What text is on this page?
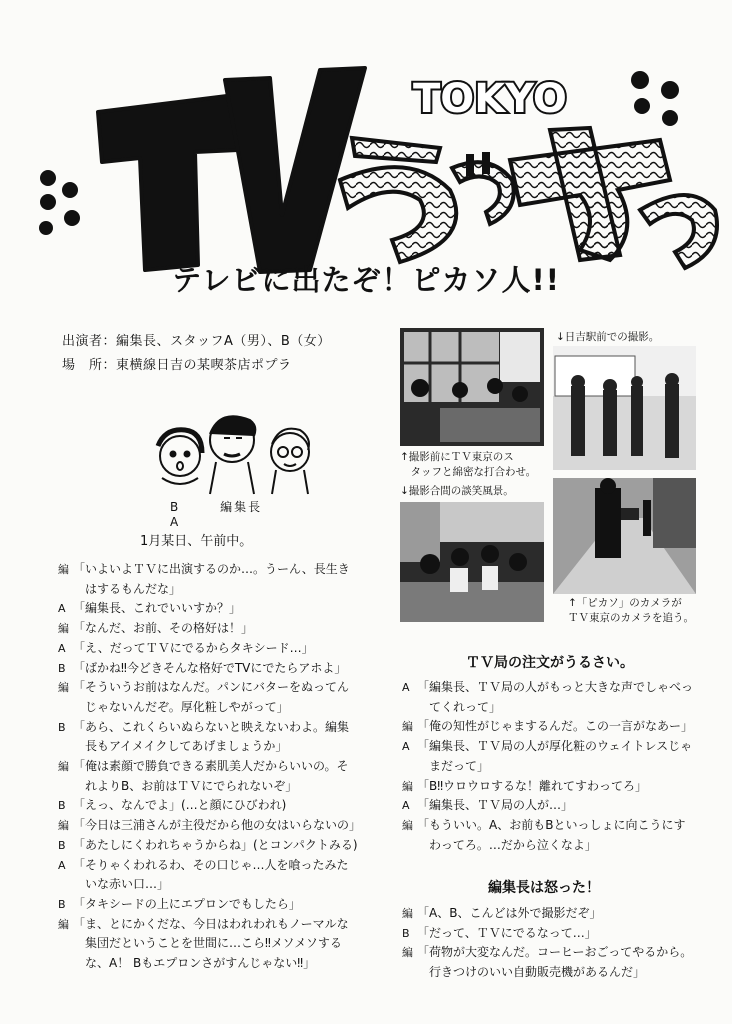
TOKYO
テレビに出たぞ！ピカソ人!!
出演者：編集長、スタッフA（男）、B（女）
場　所：東横線日吉の某喫茶店ポプラ
B	編集長 A
1月某日、午前中。
編 「いよいよＴＶに出演するのか…。うーん、長生き
　はするもんだな」
A 「編集長、これでいいすか？」
編 「なんだ、お前、その格好は！」
A 「え、だってＴＶにでるからタキシード…」
B 「ばかね‼今どきそんな格好でTVにでたらアホよ」
編 「そういうお前はなんだ。パンにバターをぬってん
　じゃないんだぞ。厚化粧しやがって」
B 「あら、これくらいぬらないと映えないわよ。編集
　長もアイメイクしてあげましょうか」
編 「俺は素顔で勝負できる素肌美人だからいいの。そ
　れよりB、お前はＴＶにでられないぞ」
B 「えっ、なんでよ」(…と顔にひびわれ)
編 「今日は三浦さんが主役だから他の女はいらないの」
B 「あたしにくわれちゃうからね」(とコンパクトみる)
A 「そりゃくわれるわ、その口じゃ…人を喰ったみた
　いな赤い口…」
B 「タキシードの上にエプロンでもしたら」
編 「ま、とにかくだな、今日はわれわれもノーマルな
　集団だということを世間に…こら‼メソメソする
　な、A！ Bもエプロンさがすんじゃない‼」
↑撮影前にＴＶ東京のス
　タッフと綿密な打合わせ。
↓日吉駅前での撮影。
↓撮影合間の談笑風景。
↑「ピカソ」のカメラが
ＴＶ東京のカメラを追う。
ＴＶ局の注文がうるさい。
A 「編集長、ＴＶ局の人がもっと大きな声でしゃべっ
　てくれって」
編 「俺の知性がじゃまするんだ。この一言がなあー」
A 「編集長、ＴＶ局の人が厚化粧のウェイトレスじゃ
　まだって」
編 「B‼ウロウロするな！離れてすわってろ」
A 「編集長、ＴＶ局の人が…」
編 「もういい。A、お前もBといっしょに向こうにす
　わってろ。…だから泣くなよ」
編集長は怒った！
編 「A、B、こんどは外で撮影だぞ」
B 「だって、ＴＶにでるなって…」
編 「荷物が大変なんだ。コーヒーおごってやるから。
　行きつけのいい自動販売機があるんだ」
